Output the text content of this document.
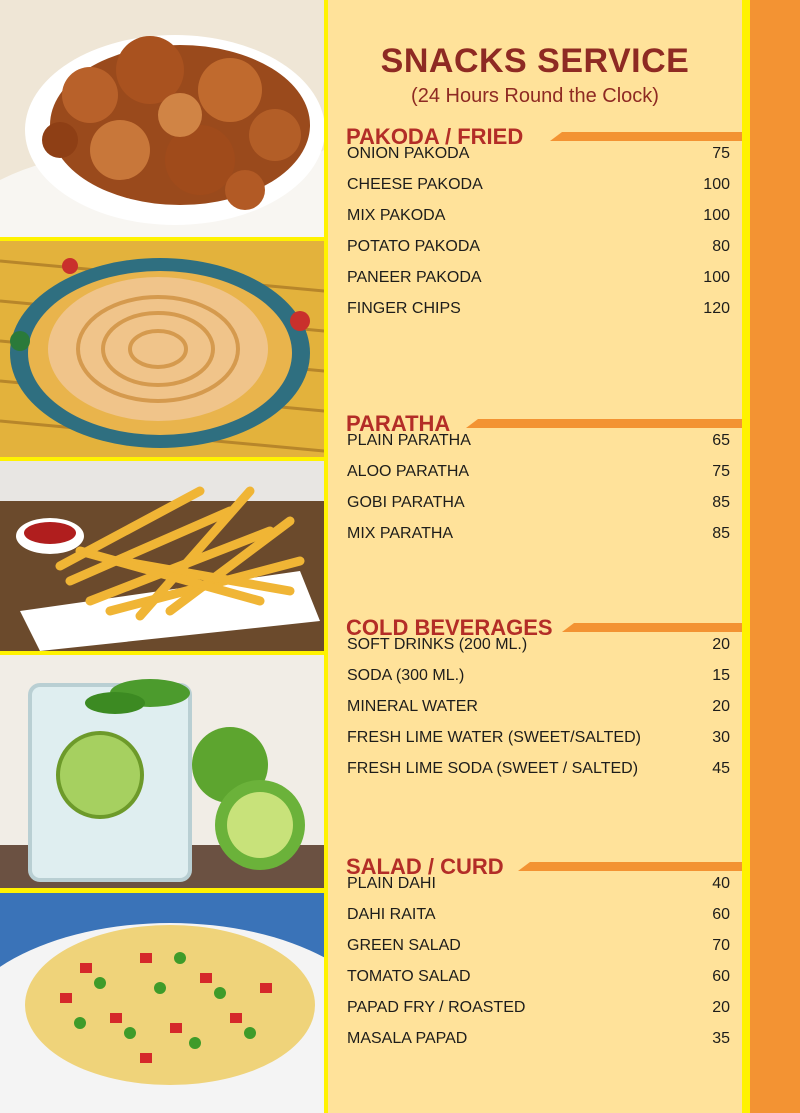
SNACKS SERVICE
(24 Hours Round the Clock)
PAKODA / FRIED
ONION PAKODA	75
CHEESE PAKODA	100
MIX PAKODA	100
POTATO PAKODA	80
PANEER PAKODA	100
FINGER CHIPS	120
PARATHA
PLAIN PARATHA	65
ALOO PARATHA	75
GOBI PARATHA	85
MIX PARATHA	85
COLD BEVERAGES
SOFT DRINKS (200 ML.)	20
SODA (300 ML.)	15
MINERAL WATER	20
FRESH LIME WATER (SWEET/SALTED)	30
FRESH LIME SODA (SWEET / SALTED)	45
SALAD / CURD
PLAIN DAHI	40
DAHI RAITA	60
GREEN SALAD	70
TOMATO SALAD	60
PAPAD FRY / ROASTED	20
MASALA PAPAD	35
